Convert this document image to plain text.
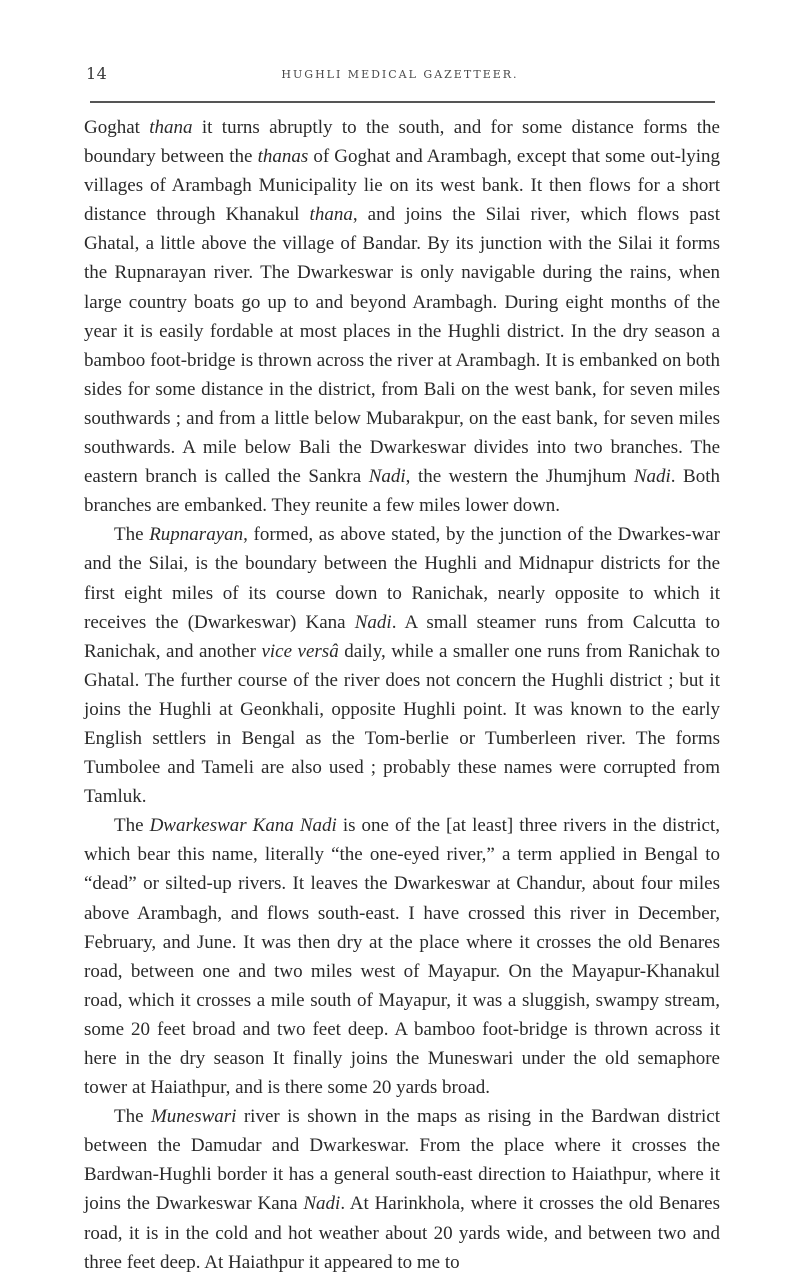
14	HUGHLI MEDICAL GAZETTEER.

Goghat thana it turns abruptly to the south, and for some distance forms the boundary between the thanas of Goghat and Arambagh, except that some out-lying villages of Arambagh Municipality lie on its west bank. It then flows for a short distance through Khanakul thana, and joins the Silai river, which flows past Ghatal, a little above the village of Bandar. By its junction with the Silai it forms the Rupnarayan river. The Dwarkeswar is only navigable during the rains, when large country boats go up to and beyond Arambagh. During eight months of the year it is easily fordable at most places in the Hughli district. In the dry season a bamboo foot-bridge is thrown across the river at Arambagh. It is embanked on both sides for some distance in the district, from Bali on the west bank, for seven miles southwards ; and from a little below Mubarakpur, on the east bank, for seven miles southwards. A mile below Bali the Dwarkeswar divides into two branches. The eastern branch is called the Sankra Nadi, the western the Jhumjhum Nadi. Both branches are embanked. They reunite a few miles lower down.

The Rupnarayan, formed, as above stated, by the junction of the Dwarkes-war and the Silai, is the boundary between the Hughli and Midnapur districts for the first eight miles of its course down to Ranichak, nearly opposite to which it receives the (Dwarkeswar) Kana Nadi. A small steamer runs from Calcutta to Ranichak, and another vice versâ daily, while a smaller one runs from Ranichak to Ghatal. The further course of the river does not concern the Hughli district ; but it joins the Hughli at Geonkhali, opposite Hughli point. It was known to the early English settlers in Bengal as the Tom-berlie or Tumberleen river. The forms Tumbolee and Tameli are also used ; probably these names were corrupted from Tamluk.

The Dwarkeswar Kana Nadi is one of the [at least] three rivers in the district, which bear this name, literally “the one-eyed river,” a term applied in Bengal to “dead” or silted-up rivers. It leaves the Dwarkeswar at Chandur, about four miles above Arambagh, and flows south-east. I have crossed this river in December, February, and June. It was then dry at the place where it crosses the old Benares road, between one and two miles west of Mayapur. On the Mayapur-Khanakul road, which it crosses a mile south of Mayapur, it was a sluggish, swampy stream, some 20 feet broad and two feet deep. A bamboo foot-bridge is thrown across it here in the dry season It finally joins the Muneswari under the old semaphore tower at Haiathpur, and is there some 20 yards broad.

The Muneswari river is shown in the maps as rising in the Bardwan district between the Damudar and Dwarkeswar. From the place where it crosses the Bardwan-Hughli border it has a general south-east direction to Haiathpur, where it joins the Dwarkeswar Kana Nadi. At Harinkhola, where it crosses the old Benares road, it is in the cold and hot weather about 20 yards wide, and between two and three feet deep. At Haiathpur it appeared to me to
